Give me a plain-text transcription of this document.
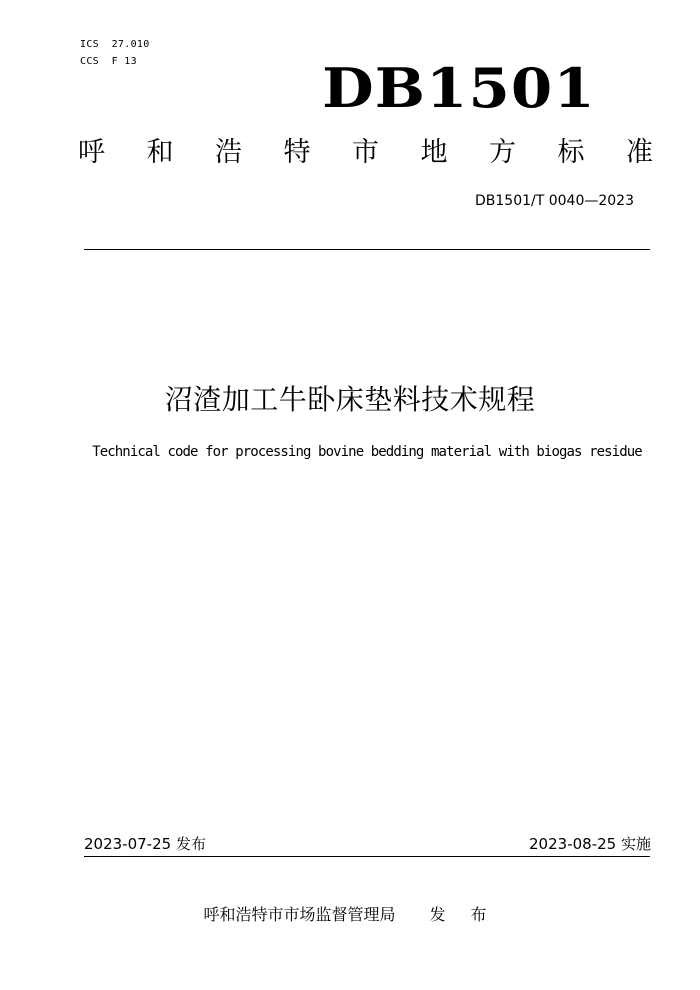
ICS  27.010
CCS  F 13	DB1501
呼 和 浩 特 市 地 方 标 准
DB1501/T 0040—2023
沼渣加工牛卧床垫料技术规程
Technical code for processing bovine bedding material with biogas residue
2023-07-25 发布	2023-08-25 实施
呼和浩特市市场监督管理局 发 布
